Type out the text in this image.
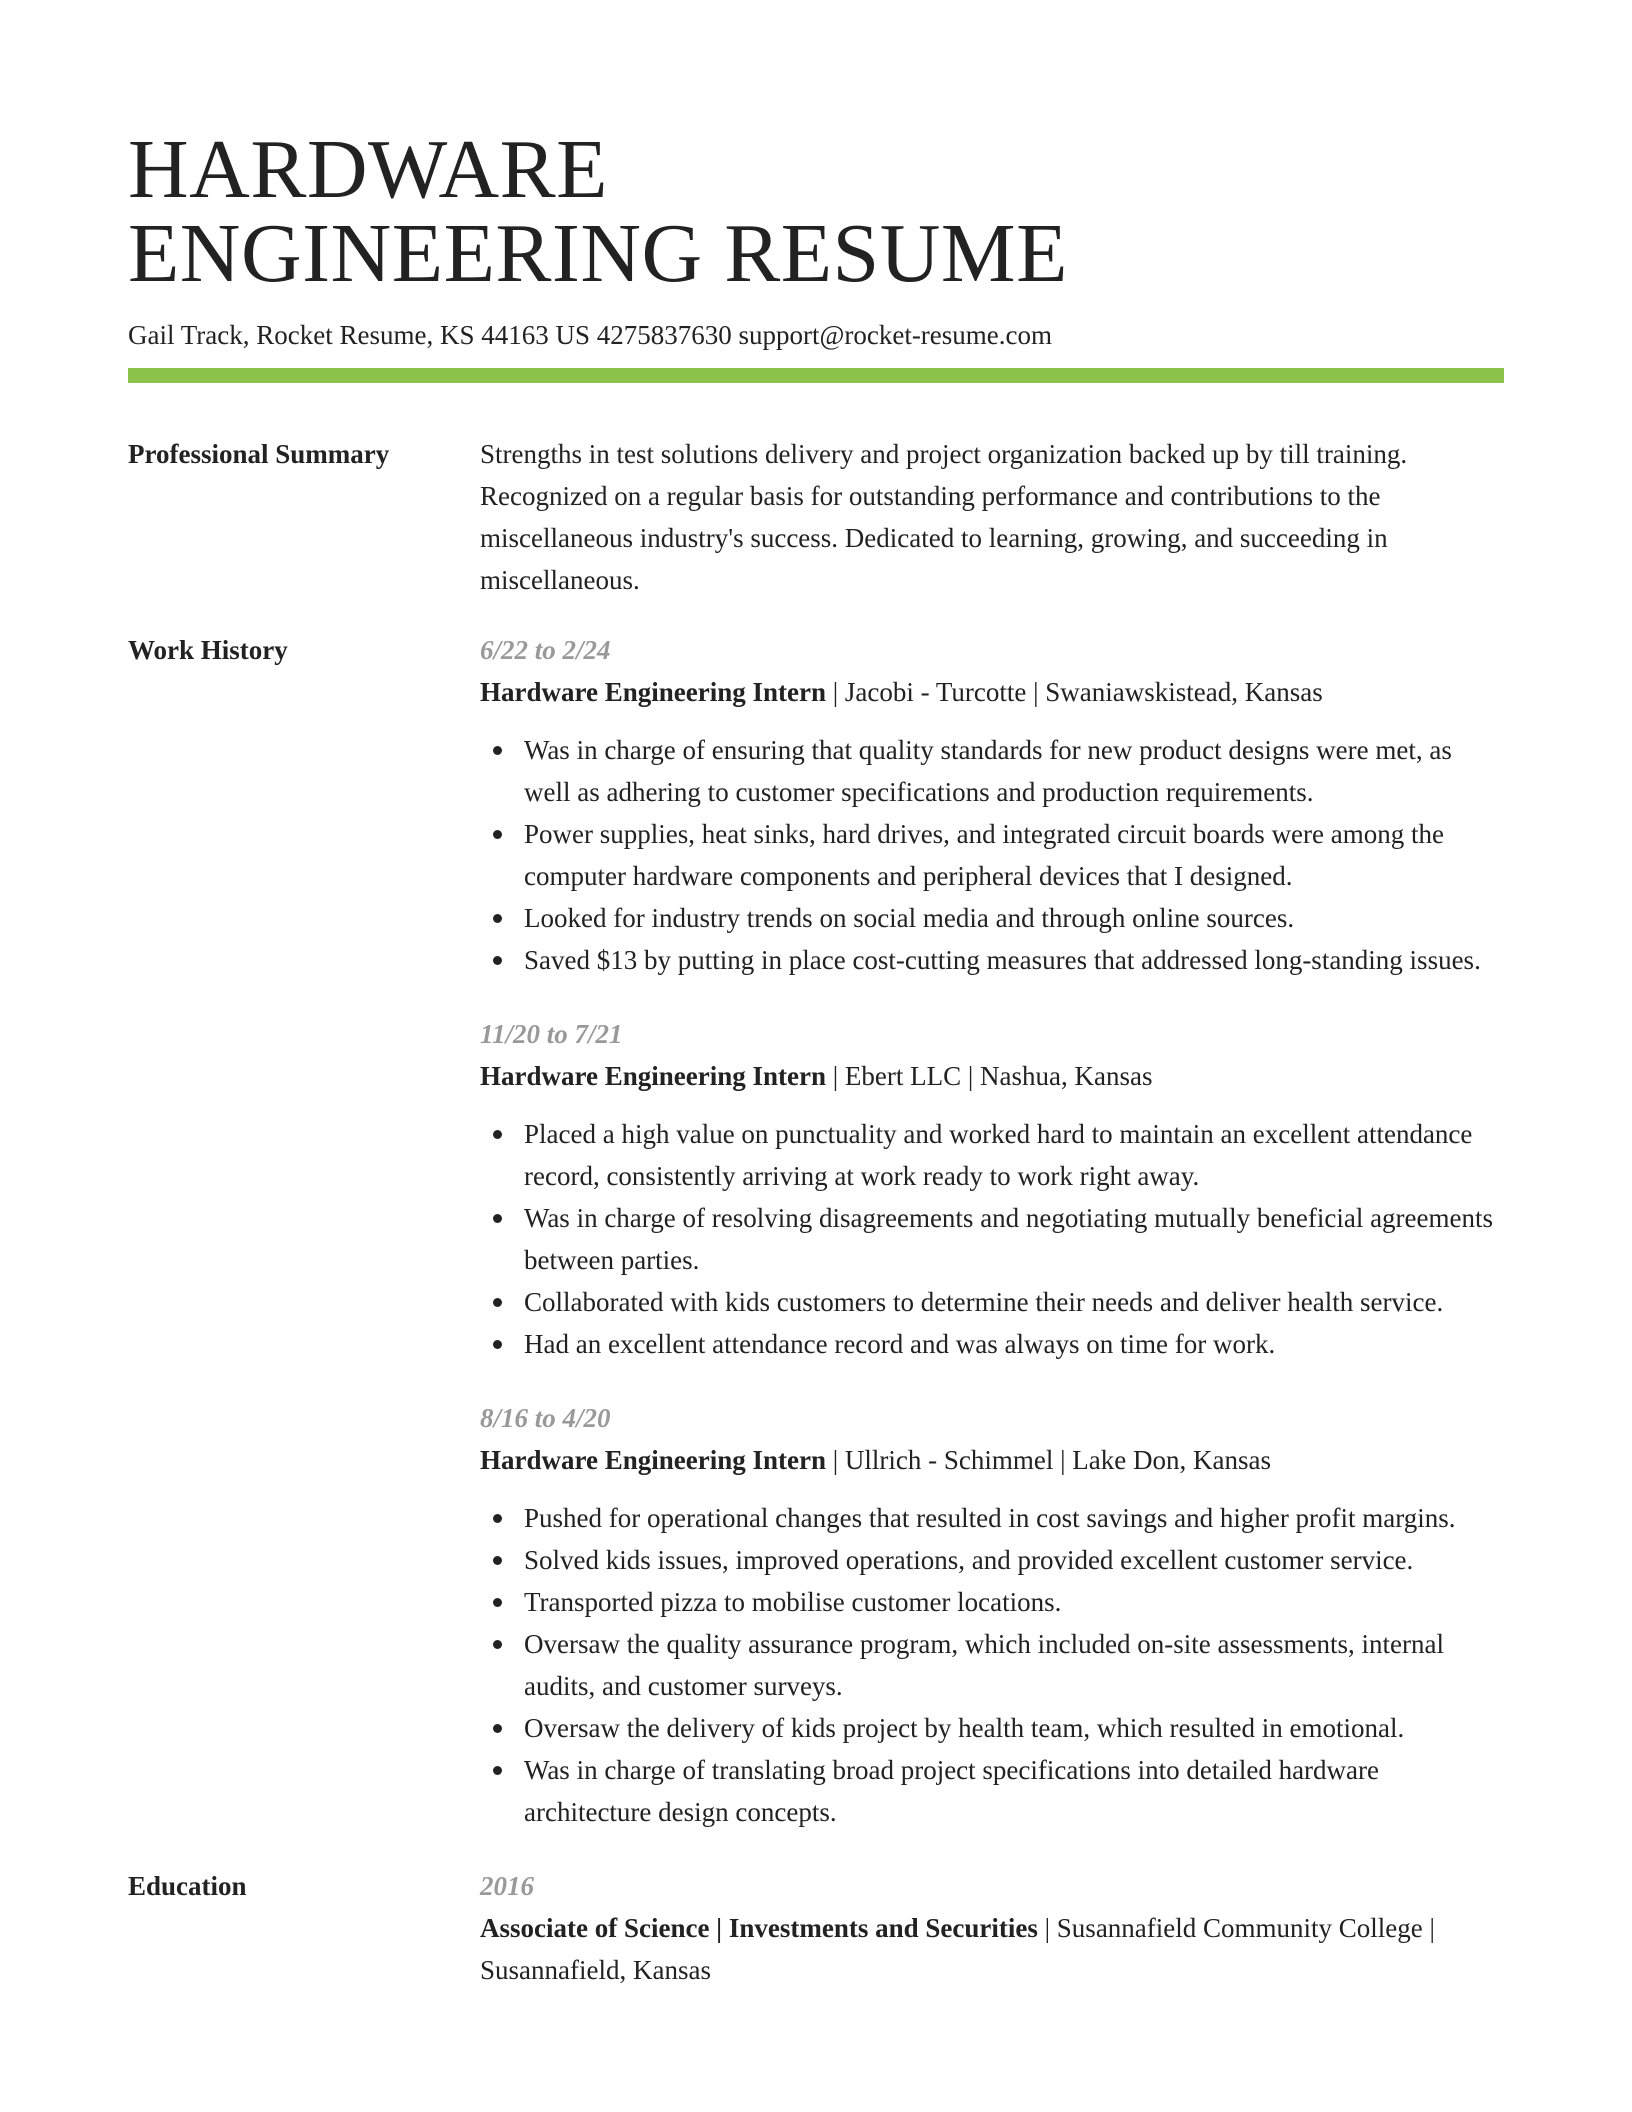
HARDWARE
ENGINEERING RESUME
Gail Track, Rocket Resume, KS 44163 US 4275837630 support@rocket-resume.com
Professional Summary	Strengths in test solutions delivery and project organization backed up by till training. Recognized on a regular basis for outstanding performance and contributions to the miscellaneous industry's success. Dedicated to learning, growing, and succeeding in miscellaneous.
Work History	6/22 to 2/24
Hardware Engineering Intern | Jacobi - Turcotte | Swaniawskistead, Kansas
Was in charge of ensuring that quality standards for new product designs were met, as well as adhering to customer specifications and production requirements.
Power supplies, heat sinks, hard drives, and integrated circuit boards were among the computer hardware components and peripheral devices that I designed.
Looked for industry trends on social media and through online sources.
Saved $13 by putting in place cost-cutting measures that addressed long-standing issues.
11/20 to 7/21
Hardware Engineering Intern | Ebert LLC | Nashua, Kansas
Placed a high value on punctuality and worked hard to maintain an excellent attendance record, consistently arriving at work ready to work right away.
Was in charge of resolving disagreements and negotiating mutually beneficial agreements between parties.
Collaborated with kids customers to determine their needs and deliver health service.
Had an excellent attendance record and was always on time for work.
8/16 to 4/20
Hardware Engineering Intern | Ullrich - Schimmel | Lake Don, Kansas
Pushed for operational changes that resulted in cost savings and higher profit margins.
Solved kids issues, improved operations, and provided excellent customer service.
Transported pizza to mobilise customer locations.
Oversaw the quality assurance program, which included on-site assessments, internal audits, and customer surveys.
Oversaw the delivery of kids project by health team, which resulted in emotional.
Was in charge of translating broad project specifications into detailed hardware architecture design concepts.
Education	2016
Associate of Science | Investments and Securities | Susannafield Community College | Susannafield, Kansas
